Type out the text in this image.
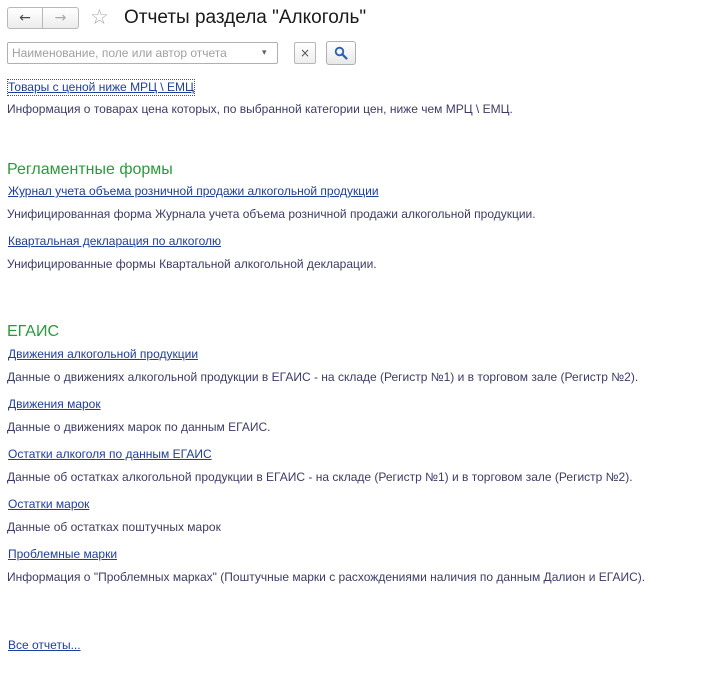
← → ☆ Отчеты раздела "Алкоголь"
Наименование, поле или автор отчета
▾	×
Товары с ценой ниже МРЦ \ ЕМЦ
Информация о товарах цена которых, по выбранной категории цен, ниже чем МРЦ \ ЕМЦ.
Регламентные формы
Журнал учета объема розничной продажи алкогольной продукции
Унифицированная форма Журнала учета объема розничной продажи алкогольной продукции.
Квартальная декларация по алкоголю
Унифицированные формы Квартальной алкогольной декларации.
ЕГАИС
Движения алкогольной продукции
Данные о движениях алкогольной продукции в ЕГАИС - на складе (Регистр №1) и в торговом зале (Регистр №2).
Движения марок
Данные о движениях марок по данным ЕГАИС.
Остатки алкоголя по данным ЕГАИС
Данные об остатках алкогольной продукции в ЕГАИС - на складе (Регистр №1) и в торговом зале (Регистр №2).
Остатки марок
Данные об остатках поштучных марок
Проблемные марки
Информация о "Проблемных марках" (Поштучные марки с расхождениями наличия по данным Далион и ЕГАИС).
Все отчеты...
